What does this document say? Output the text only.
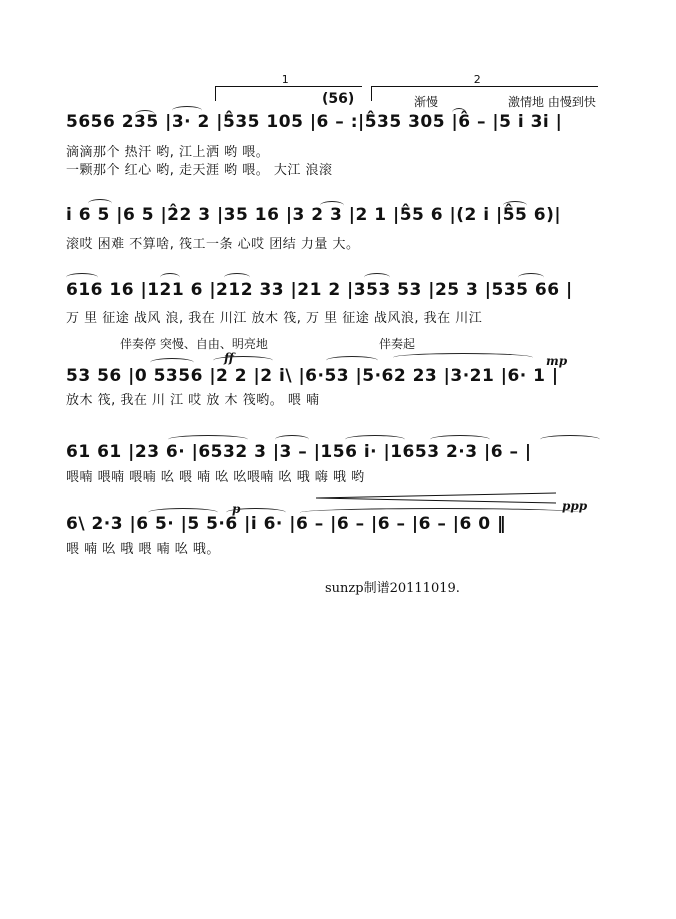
1
(56)
2
渐慢	激情地 由慢到快
5656 235 |3· 2 |5̂35 105 |6 – :|5̂35 305 |6̂ – |5 i 3i |
滴滴那个 热汗 哟, 江上洒 哟 喂。
一颗那个 红心 哟, 走天涯 哟 喂。 大江 浪滚
i 6 5 |6 5 |2̂2 3 |35 16 |3 2 3 |2 1 |5̂5 6 |(2 i |5̂5 6)|
滚哎 困难 不算啥, 筏工一条 心哎 团结 力量 大。
616 16 |121 6 |212 33 |21 2 |353 53 |25 3 |535 66 |
万 里 征途 战风 浪, 我在 川江 放木 筏, 万 里 征途 战风浪, 我在 川江
伴奏停 突慢、自由、明亮地	伴奏起
ff	mp
53 56 |0 5356 |2 2 |2 i\ |6·53 |5·62 23 |3·21 |6· 1 |
放木 筏, 我在 川 江 哎 放 木 筏哟。 喂 喃
61 61 |23 6· |6532 3 |3 – |156 i· |1653 2·3 |6 – |
喂喃 喂喃 喂喃 吆 喂 喃 吆 吆喂喃 吆 哦 嗨 哦 哟
ppp
p
6\ 2·3 |6 5· |5 5·6 |i 6· |6 – |6 – |6 – |6 – |6 0 ‖
喂 喃 吆 哦 喂 喃 吆 哦。
sunzp制谱20111019.
